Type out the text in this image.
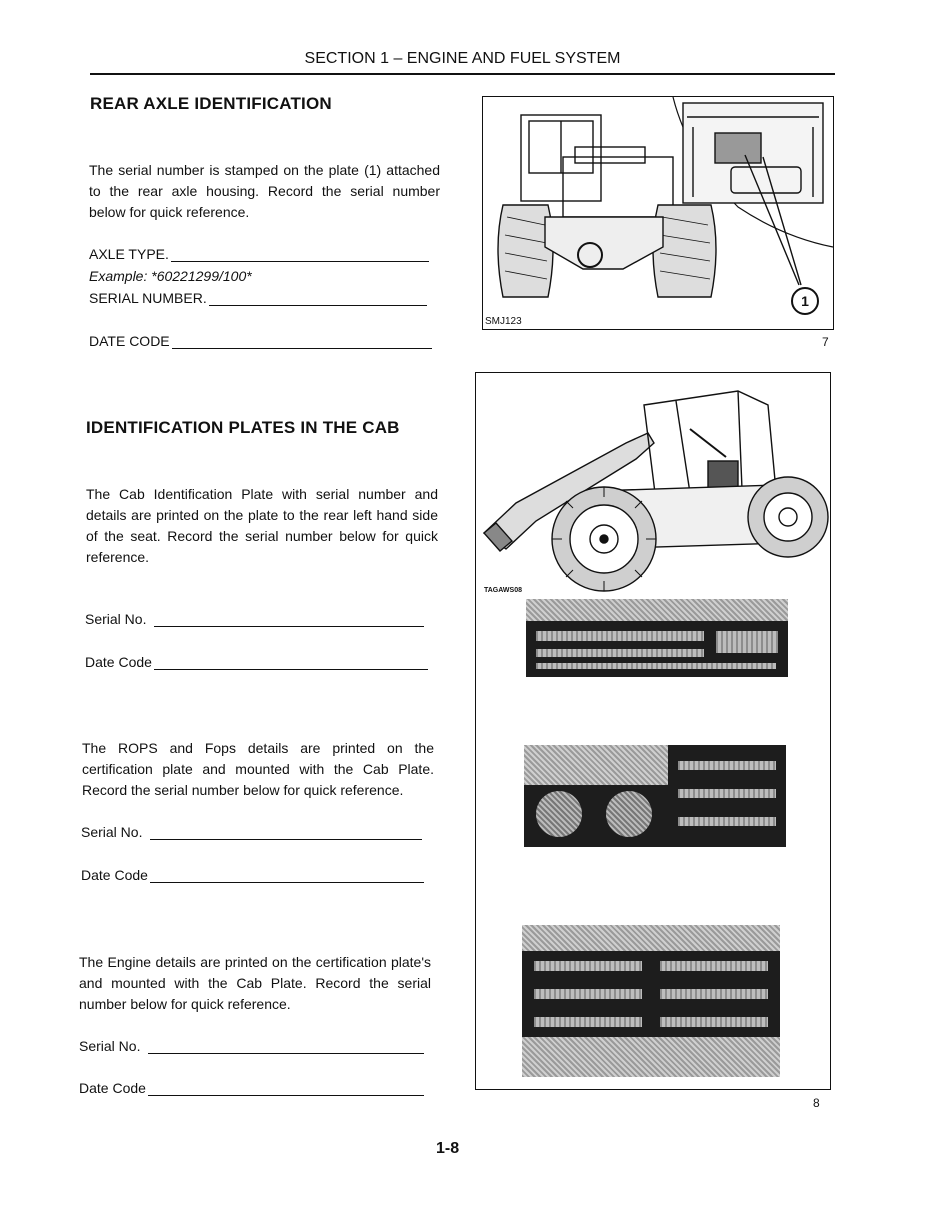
SECTION 1 – ENGINE AND FUEL SYSTEM
REAR AXLE IDENTIFICATION
The serial number is stamped on the plate (1) attached to the rear axle housing. Record the serial number below for quick reference.
AXLE TYPE.
Example: *60221299/100*
SERIAL NUMBER.
DATE CODE
IDENTIFICATION PLATES IN THE CAB
The Cab Identification Plate with serial number and details are printed on the plate to the rear left hand side of the seat. Record the serial number below for quick reference.
Serial No.
Date Code
The ROPS and Fops details are printed on the certification plate and mounted with the Cab Plate. Record the serial number below for quick reference.
Serial No.
Date Code
The Engine details are printed on the certification plate's and mounted with the Cab Plate. Record the serial number below for quick reference.
Serial No.
Date Code
1
SMJ123
7
TAGAWS08
8
1-8
